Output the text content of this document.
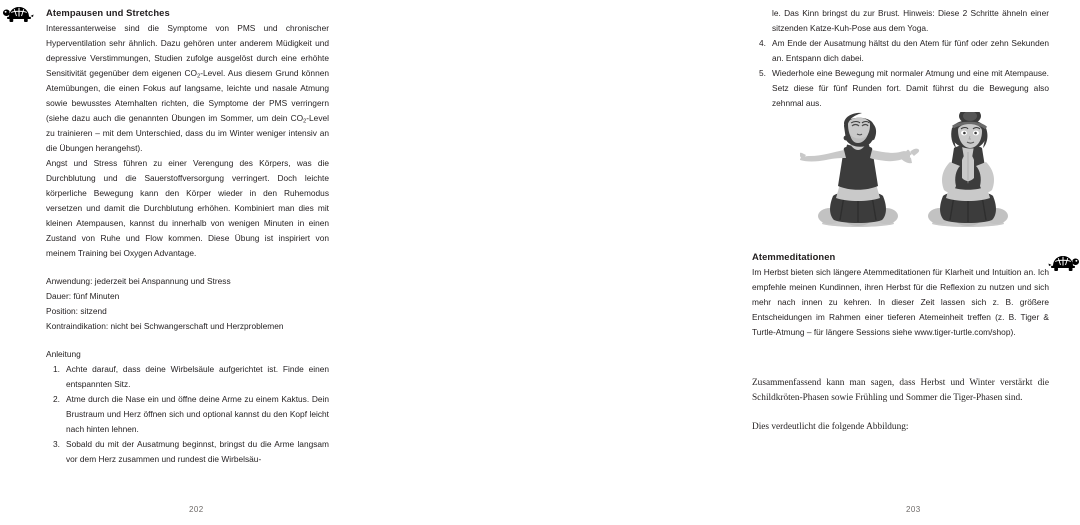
Atempausen und Stretches

Interessanterweise sind die Symptome von PMS und chronischer Hyperventilation sehr ähnlich. Dazu gehören unter anderem Müdigkeit und depressive Verstimmungen, Studien zufolge ausgelöst durch eine erhöhte Sensitivität gegenüber dem eigenen $CO_2$-Level. Aus diesem Grund können Atemübungen, die einen Fokus auf langsame, leichte und nasale Atmung sowie bewusstes Atemhalten richten, die Symptome der PMS verringern (siehe dazu auch die genannten Übungen im Sommer, um dein $CO_2$-Level zu trainieren – mit dem Unterschied, dass du im Winter weniger intensiv an die Übungen herangehst).

Angst und Stress führen zu einer Verengung des Körpers, was die Durchblutung und die Sauerstoffversorgung verringert. Doch leichte körperliche Bewegung kann den Körper wieder in den Ruhemodus versetzen und damit die Durchblutung erhöhen. Kombiniert man dies mit kleinen Atempausen, kannst du innerhalb von wenigen Minuten in einen Zustand von Ruhe und Flow kommen. Diese Übung ist inspiriert von meinem Training bei Oxygen Advantage.

Anwendung: jederzeit bei Anspannung und Stress

Dauer: fünf Minuten

Position: sitzend

Kontraindikation: nicht bei Schwangerschaft und Herzproblemen

Anleitung

1. Achte darauf, dass deine Wirbelsäule aufgerichtet ist. Finde einen entspannten Sitz.
2. Atme durch die Nase ein und öffne deine Arme zu einem Kaktus. Dein Brustraum und Herz öffnen sich und optional kannst du den Kopf leicht nach hinten lehnen.
3. Sobald du mit der Ausatmung beginnst, bringst du die Arme langsam vor dem Herz zusammen und rundest die Wirbelsäu-
202

le. Das Kinn bringst du zur Brust. Hinweis: Diese 2 Schritte ähneln einer sitzenden Katze-Kuh-Pose aus dem Yoga.

4. Am Ende der Ausatmung hältst du den Atem für fünf oder zehn Sekunden an. Entspann dich dabei.
5. Wiederhole eine Bewegung mit normaler Atmung und eine mit Atempause. Setz diese für fünf Runden fort. Damit führst du die Bewegung also zehnmal aus.
Atemmeditationen

Im Herbst bieten sich längere Atemmeditationen für Klarheit und Intuition an. Ich empfehle meinen Kundinnen, ihren Herbst für die Reflexion zu nutzen und sich mehr nach innen zu kehren. In dieser Zeit lassen sich z. B. größere Entscheidungen im Rahmen einer tieferen Atemeinheit treffen (z. B. Tiger & Turtle-Atmung – für längere Sessions siehe www.tiger-turtle.com/shop).

Zusammenfassend kann man sagen, dass Herbst und Winter verstärkt die Schildkröten-Phasen sowie Frühling und Sommer die Tiger-Phasen sind.

Dies verdeutlicht die folgende Abbildung:

203
